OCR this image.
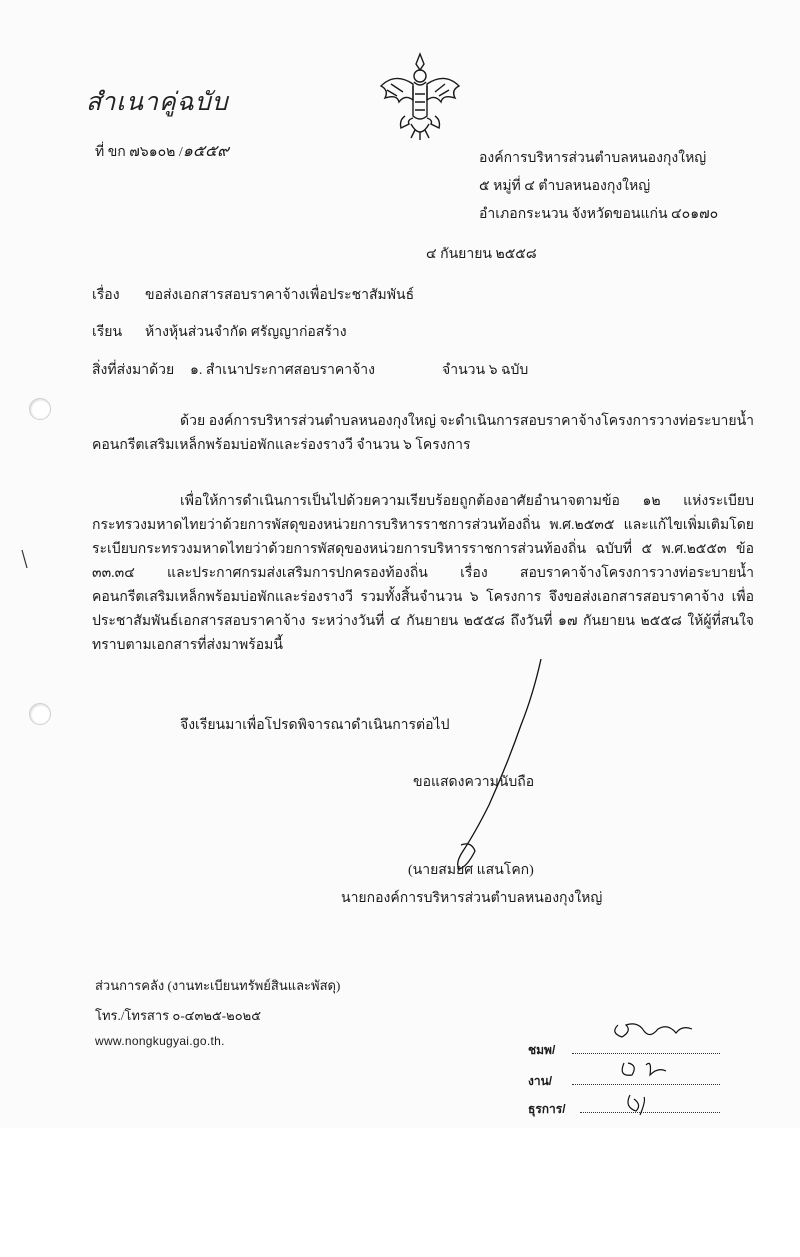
สำเนาคู่ฉบับ
ที่ ขก ๗๖๑๐๒ /๑๕๕๙	องค์การบริหารส่วนตำบลหนองกุงใหญ่
๕ หมู่ที่ ๔ ตำบลหนองกุงใหญ่
อำเภอกระนวน จังหวัดขอนแก่น ๔๐๑๗๐
๔ กันยายน ๒๕๕๘
เรื่อง ขอส่งเอกสารสอบราคาจ้างเพื่อประชาสัมพันธ์
เรียน ห้างหุ้นส่วนจำกัด ศรัญญาก่อสร้าง
สิ่งที่ส่งมาด้วย ๑. สำเนาประกาศสอบราคาจ้าง	จำนวน ๖ ฉบับ

ด้วย องค์การบริหารส่วนตำบลหนองกุงใหญ่ จะดำเนินการสอบราคาจ้างโครงการวางท่อระบายน้ำคอนกรีตเสริมเหล็กพร้อมบ่อพักและร่องรางวี จำนวน ๖ โครงการ

เพื่อให้การดำเนินการเป็นไปด้วยความเรียบร้อยถูกต้องอาศัยอำนาจตามข้อ ๑๒ แห่งระเบียบกระทรวงมหาดไทยว่าด้วยการพัสดุของหน่วยการบริหารราชการส่วนท้องถิ่น พ.ศ.๒๕๓๕ และแก้ไขเพิ่มเติมโดยระเบียบกระทรวงมหาดไทยว่าด้วยการพัสดุของหน่วยการบริหารราชการส่วนท้องถิ่น ฉบับที่ ๕ พ.ศ.๒๕๕๓ ข้อ ๓๓.๓๔ และประกาศกรมส่งเสริมการปกครองท้องถิ่น เรื่อง สอบราคาจ้างโครงการวางท่อระบายน้ำคอนกรีตเสริมเหล็กพร้อมบ่อพักและร่องรางวี รวมทั้งสิ้นจำนวน ๖ โครงการ จึงขอส่งเอกสารสอบราคาจ้าง เพื่อประชาสัมพันธ์เอกสารสอบราคาจ้าง ระหว่างวันที่ ๔ กันยายน ๒๕๕๘ ถึงวันที่ ๑๗ กันยายน ๒๕๕๘ ให้ผู้ที่สนใจทราบตามเอกสารที่ส่งมาพร้อมนี้

จึงเรียนมาเพื่อโปรดพิจารณาดำเนินการต่อไป
ขอแสดงความนับถือ
(นายสมยศ แสนโคก)
นายกองค์การบริหารส่วนตำบลหนองกุงใหญ่
ส่วนการคลัง (งานทะเบียนทรัพย์สินและพัสดุ)
โทร./โทรสาร ๐-๔๓๒๕-๒๐๒๕
www.nongkugyai.go.th.
ชมพ/
งาน/
ธุรการ/
